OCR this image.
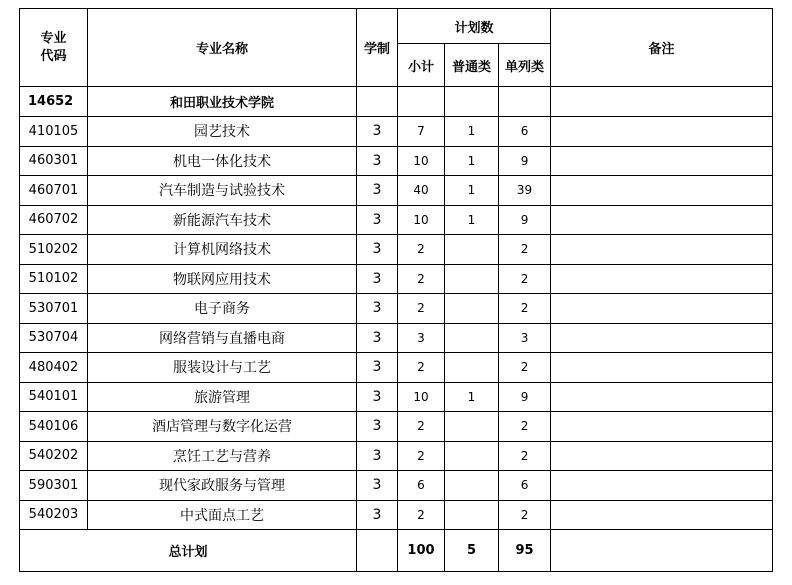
专业
代码	专业名称	学制	计划数			备注
			小计	普通类	单列类	
14652	和田职业技术学院					
410105	园艺技术	3	7	1	6	
460301	机电一体化技术	3	10	1	9	
460701	汽车制造与试验技术	3	40	1	39	
460702	新能源汽车技术	3	10	1	9	
510202	计算机网络技术	3	2		2	
510102	物联网应用技术	3	2		2	
530701	电子商务	3	2		2	
530704	网络营销与直播电商	3	3		3	
480402	服装设计与工艺	3	2		2	
540101	旅游管理	3	10	1	9	
540106	酒店管理与数字化运营	3	2		2	
540202	烹饪工艺与营养	3	2		2	
590301	现代家政服务与管理	3	6		6	
540203	中式面点工艺	3	2		2	
总计划			100	5	95	
